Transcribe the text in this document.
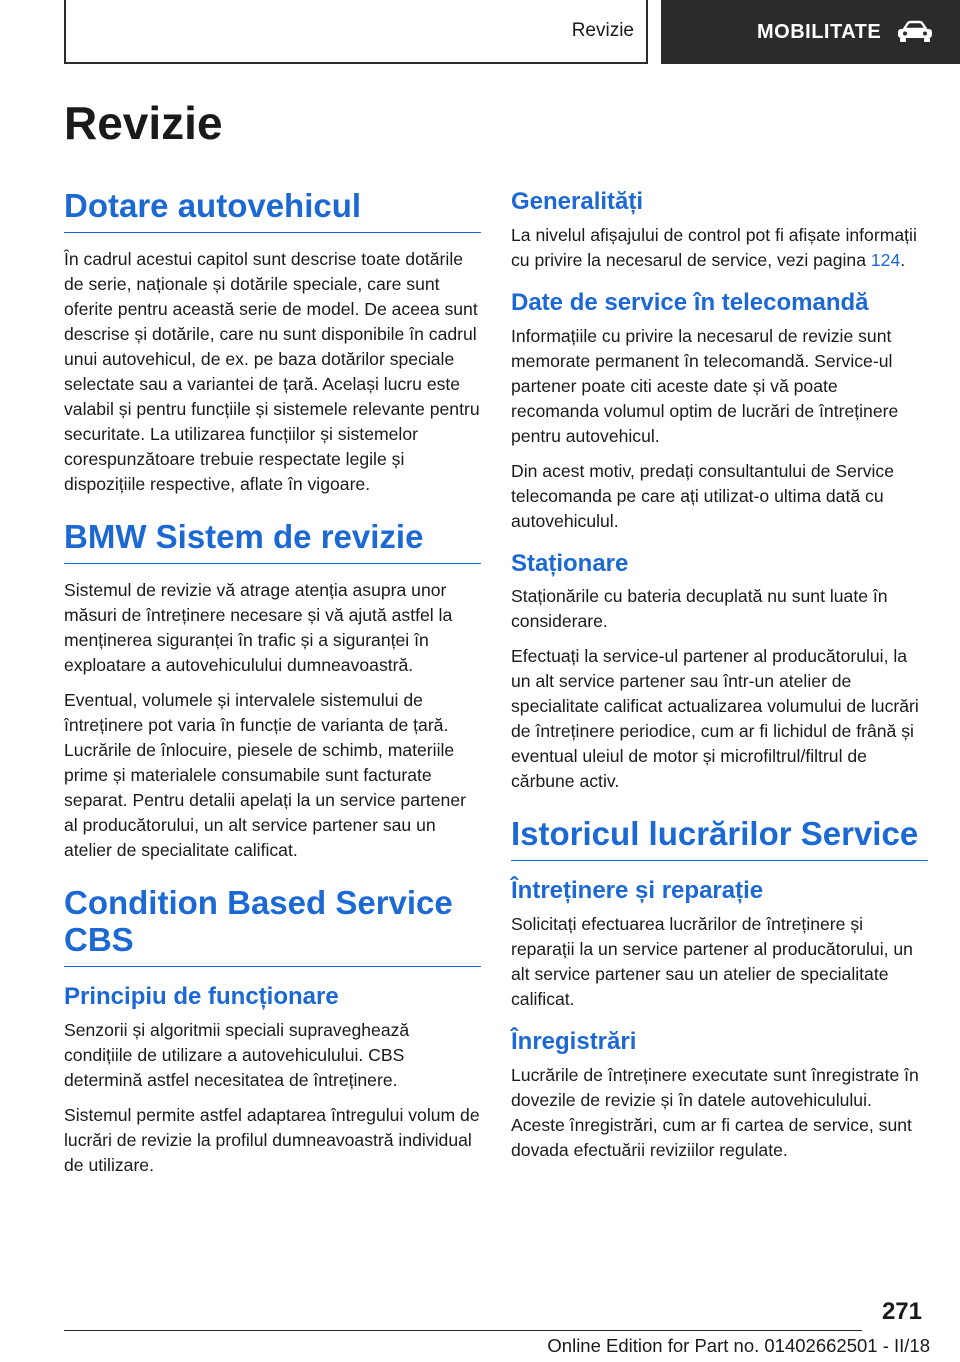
Revizie	MOBILITATE
Revizie
Dotare autovehicul

În cadrul acestui capitol sunt descrise toate dotările de serie, naționale și dotările speciale, care sunt oferite pentru această serie de model. De aceea sunt descrise și dotările, care nu sunt disponibile în cadrul unui autovehicul, de ex. pe baza dotărilor speciale selectate sau a variantei de țară. Același lucru este valabil și pentru funcțiile și sistemele relevante pentru securitate. La utilizarea funcțiilor și sistemelor corespunzătoare trebuie respectate legile și dispozițiile respective, aflate în vigoare.

BMW Sistem de revizie

Sistemul de revizie vă atrage atenția asupra unor măsuri de întreținere necesare și vă ajută astfel la menținerea siguranței în trafic și a siguranței în exploatare a autovehiculului dumneavoastră.

Eventual, volumele și intervalele sistemului de întreținere pot varia în funcție de varianta de țară. Lucrările de înlocuire, piesele de schimb, materiile prime și materialele consumabile sunt facturate separat. Pentru detalii apelați la un service partener al producătorului, un alt service partener sau un atelier de specialitate calificat.

Condition Based Service CBS
Principiu de funcționare

Senzorii și algoritmii speciali supraveghează condițiile de utilizare a autovehiculului. CBS determină astfel necesitatea de întreținere.

Sistemul permite astfel adaptarea întregului volum de lucrări de revizie la profilul dumneavoastră individual de utilizare.

Generalități

La nivelul afișajului de control pot fi afișate informații cu privire la necesarul de service, vezi pagina 124.

Date de service în telecomandă

Informațiile cu privire la necesarul de revizie sunt memorate permanent în telecomandă. Service-ul partener poate citi aceste date și vă poate recomanda volumul optim de lucrări de întreținere pentru autovehicul.

Din acest motiv, predați consultantului de Service telecomanda pe care ați utilizat-o ultima dată cu autovehiculul.

Staționare

Staționările cu bateria decuplată nu sunt luate în considerare.

Efectuați la service-ul partener al producătorului, la un alt service partener sau într-un atelier de specialitate calificat actualizarea volumului de lucrări de întreținere periodice, cum ar fi lichidul de frână și eventual uleiul de motor și microfiltrul/filtrul de cărbune activ.

Istoricul lucrărilor Service
Întreținere și reparație

Solicitați efectuarea lucrărilor de întreținere și reparații la un service partener al producătorului, un alt service partener sau un atelier de specialitate calificat.

Înregistrări

Lucrările de întreținere executate sunt înregistrate în dovezile de revizie și în datele autovehiculului. Aceste înregistrări, cum ar fi cartea de service, sunt dovada efectuării reviziilor regulate.

271
Online Edition for Part no. 01402662501 - II/18
